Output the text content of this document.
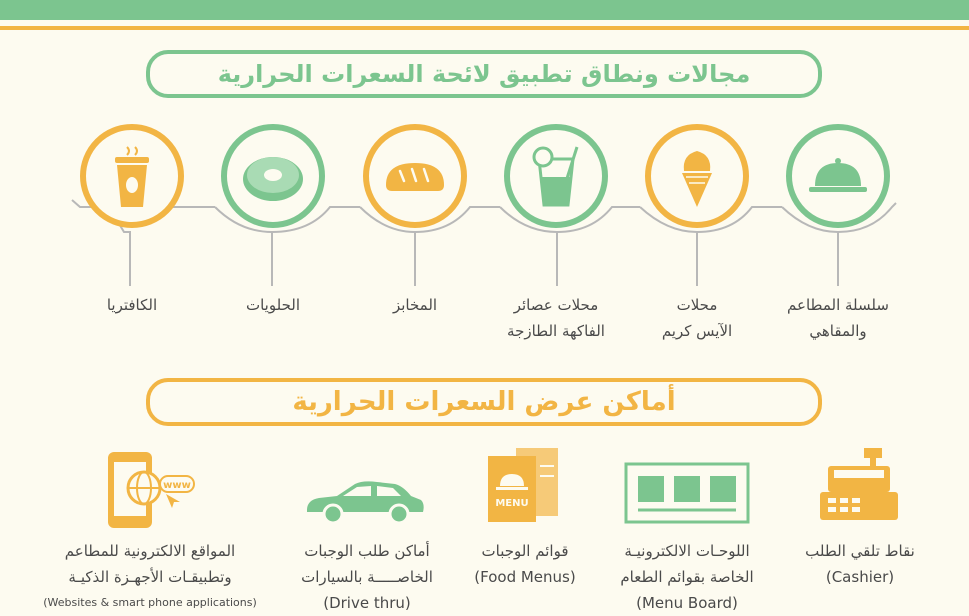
مجالات ونطاق تطبيق لائحة السعرات الحرارية
سلسلة المطاعم
والمقاهي
محلات
الآيس كريم
محلات عصائر
الفاكهة الطازجة
المخابز
الحلويات
الكافتريا
أماكن عرض السعرات الحرارية
MENU
www
نقاط تلقي الطلب
(Cashier)
اللوحـات الالكترونيـة
الخاصة بقوائم الطعام
(Menu Board)
قوائم الوجبات
(Food Menus)
أماكن طلب الوجبات
الخاصـــــة بالسيارات
(Drive thru)
المواقع الالكترونية للمطاعم
وتطبيقـات الأجهـزة الذكيـة
(Websites & smart phone applications)
